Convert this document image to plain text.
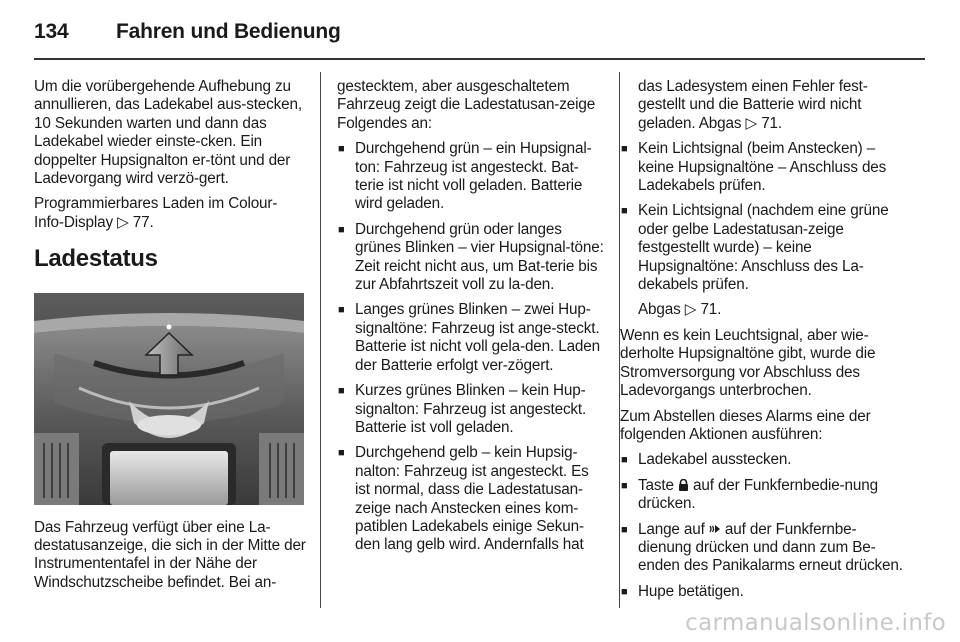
134 Fahren und Bedienung

Um die vorübergehende Aufhebung zu annullieren, das Ladekabel aus-stecken, 10 Sekunden warten und dann das Ladekabel wieder einste-cken. Ein doppelter Hupsignalton er-tönt und der Ladevorgang wird verzö-gert.

Programmierbares Laden im Colour-Info-Display ▷ 77.

Ladestatus

Das Fahrzeug verfügt über eine La-destatusanzeige, die sich in der Mitte der Instrumententafel in der Nähe der Windschutzscheibe befindet. Bei an-

gestecktem, aber ausgeschaltetem Fahrzeug zeigt die Ladestatusan-zeige Folgendes an:

■ Durchgehend grün – ein Hupsignal-ton: Fahrzeug ist angesteckt. Bat-terie ist nicht voll geladen. Batterie wird geladen.
■ Durchgehend grün oder langes grünes Blinken – vier Hupsignal-töne: Zeit reicht nicht aus, um Bat-terie bis zur Abfahrtszeit voll zu la-den.
■ Langes grünes Blinken – zwei Hup-signaltöne: Fahrzeug ist ange-steckt. Batterie ist nicht voll gela-den. Laden der Batterie erfolgt ver-zögert.
■ Kurzes grünes Blinken – kein Hup-signalton: Fahrzeug ist angesteckt. Batterie ist voll geladen.
■ Durchgehend gelb – kein Hupsig-nalton: Fahrzeug ist angesteckt. Es ist normal, dass die Ladestatusan-zeige nach Anstecken eines kom-patiblen Ladekabels einige Sekun-den lang gelb wird. Andernfalls hat
das Ladesystem einen Fehler fest-gestellt und die Batterie wird nicht geladen. Abgas ▷ 71.
■ Kein Lichtsignal (beim Anstecken) – keine Hupsignaltöne – Anschluss des Ladekabels prüfen.
■ Kein Lichtsignal (nachdem eine grüne oder gelbe Ladestatusan-zeige festgestellt wurde) – keine Hupsignaltöne: Anschluss des La-dekabels prüfen.
Abgas ▷ 71.

Wenn es kein Leuchtsignal, aber wie-derholte Hupsignaltöne gibt, wurde die Stromversorgung vor Abschluss des Ladevorgangs unterbrochen.

Zum Abstellen dieses Alarms eine der folgenden Aktionen ausführen:

■ Ladekabel ausstecken.
■ Taste auf der Funkfernbedie-nung drücken.
■ Lange auf auf der Funkfernbe-dienung drücken und dann zum Be-enden des Panikalarms erneut drücken.
■ Hupe betätigen.
carmanualsonline.info
